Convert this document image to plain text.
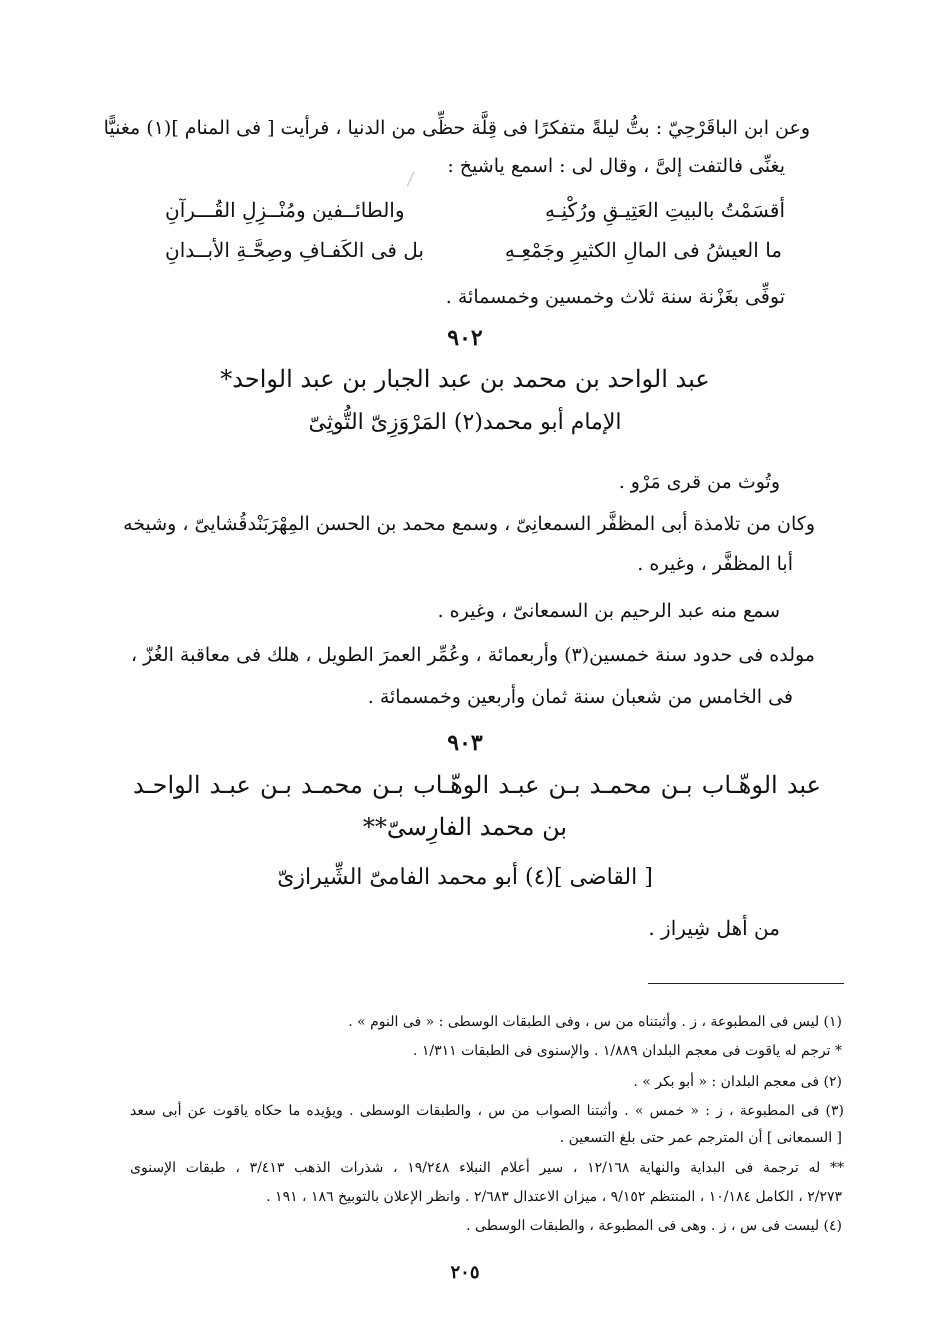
وعن ابن الباقَرْحِيّ : بتُّ ليلةً متفكرًا فى قِلَّة حظِّى من الدنيا ، فرأيت [ فى المنام ](١) مغنيًّا
يغنِّى فالتفت إلىَّ ، وقال لى : اسمع ياشيخ :
أقسَمْتُ بالبيتِ العَتِيـقِ ورُكْنِـهِ
والطائــفين ومُنْــزِلِ القُـــرآنِ
ما العيشُ فى المالِ الكثيرِ وجَمْعِـهِ
بل فى الكَفـافِ وصِحَّـةِ الأبــدانِ
توفِّى بغَزْنة سنة ثلاث وخمسين وخمسمائة .
٩٠٢
عبد الواحد بن محمد بن عبد الجبار بن عبد الواحد*
الإمام أبو محمد(٢) المَرْوَزِىّ التُّوثِىّ
وتُوث من قرى مَرْو .
وكان من تلامذة أبى المظفَّر السمعانِىّ ، وسمع محمد بن الحسن المِهْرَبَنْدقُشايىّ ، وشيخه
أبا المظفَّر ، وغيره .
سمع منه عبد الرحيم بن السمعانىّ ، وغيره .
مولده فى حدود سنة خمسين(٣) وأربعمائة ، وعُمِّر العمرَ الطويل ، هلك فى معاقبة الغُزّ ،
فى الخامس من شعبان سنة ثمان وأربعين وخمسمائة .
٩٠٣
عبد الوهّـاب بـن محمـد بـن عبـد الوهّـاب بـن محمـد بـن عبـد الواحـد
بن محمد الفارِسىّ**
[ القاضى ](٤) أبو محمد الفامىّ الشِّيرازىّ
من أهل شِيراز .
(١) ليس فى المطبوعة ، ز . وأثبتناه من س ، وفى الطبقات الوسطى : « فى النوم » .
* ترجم له ياقوت فى معجم البلدان ١/٨٨٩ . والإسنوى فى الطبقات ١/٣١١ .
(٢) فى معجم البلدان : « أبو بكر » .
(٣) فى المطبوعة ، ز : « خمس » . وأثبتنا الصواب من س ، والطبقات الوسطى . ويؤيده ما حكاه ياقوت عن أبى سعد
[ السمعانى ] أن المترجم عمر حتى بلغ التسعين .
** له ترجمة فى البداية والنهاية ١٢/١٦٨ ، سير أعلام النبلاء ١٩/٢٤٨ ، شذرات الذهب ٣/٤١٣ ، طبقات الإسنوى
٢/٢٧٣ ، الكامل ١٠/١٨٤ ، المنتظم ٩/١٥٢ ، ميزان الاعتدال ٢/٦٨٣ . وانظر الإعلان بالتوبيخ ١٨٦ ، ١٩١ .
(٤) ليست فى س ، ز . وهى فى المطبوعة ، والطبقات الوسطى .
٢٠٥
